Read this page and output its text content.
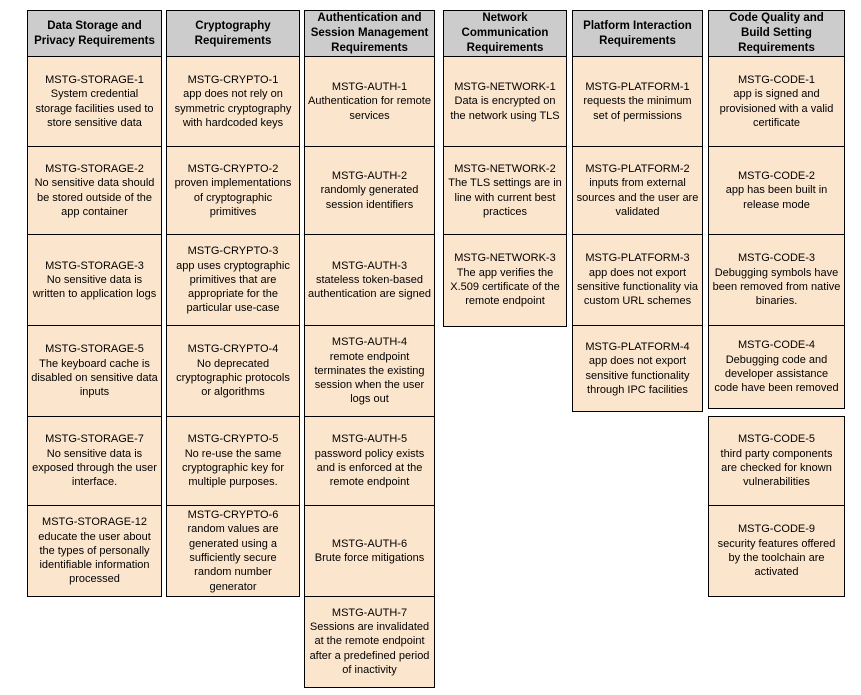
Data Storage and
Privacy Requirements
MSTG-STORAGE-1
System credential storage facilities used to store sensitive data
MSTG-STORAGE-2
No sensitive data should be stored outside of the app container
MSTG-STORAGE-3
No sensitive data is written to application logs
MSTG-STORAGE-5
The keyboard cache is disabled on sensitive data inputs
MSTG-STORAGE-7
No sensitive data is exposed through the user interface.
MSTG-STORAGE-12
educate the user about the types of personally identifiable information processed
Cryptography
Requirements
MSTG-CRYPTO-1
app does not rely on symmetric cryptography with hardcoded keys
MSTG-CRYPTO-2
proven implementations of cryptographic primitives
MSTG-CRYPTO-3
app uses cryptographic primitives that are appropriate for the particular use-case
MSTG-CRYPTO-4
No deprecated cryptographic protocols or algorithms
MSTG-CRYPTO-5
No re-use the same cryptographic key for multiple purposes.
MSTG-CRYPTO-6
random values are generated using a sufficiently secure random number generator
Authentication and
Session Management
Requirements
MSTG-AUTH-1
Authentication for remote services
MSTG-AUTH-2
randomly generated session identifiers
MSTG-AUTH-3
stateless token-based authentication are signed
MSTG-AUTH-4
remote endpoint terminates the existing session when the user logs out
MSTG-AUTH-5
password policy exists and is enforced at the remote endpoint
MSTG-AUTH-6
Brute force mitigations
MSTG-AUTH-7
Sessions are invalidated at the remote endpoint after a predefined period of inactivity
Network
Communication
Requirements
MSTG-NETWORK-1
Data is encrypted on the network using TLS
MSTG-NETWORK-2
The TLS settings are in line with current best practices
MSTG-NETWORK-3
The app verifies the X.509 certificate of the remote endpoint
Platform Interaction
Requirements
MSTG-PLATFORM-1
requests the minimum set of permissions
MSTG-PLATFORM-2
inputs from external sources and the user are validated
MSTG-PLATFORM-3
app does not export sensitive functionality via custom URL schemes
MSTG-PLATFORM-4
app does not export sensitive functionality through IPC facilities
Code Quality and
Build Setting
Requirements
MSTG-CODE-1
app is signed and provisioned with a valid certificate
MSTG-CODE-2
app has been built in release mode
MSTG-CODE-3
Debugging symbols have been removed from native binaries.
MSTG-CODE-4
Debugging code and developer assistance code have been removed
MSTG-CODE-5
third party components are checked for known vulnerabilities
MSTG-CODE-9
security features offered by the toolchain are activated
